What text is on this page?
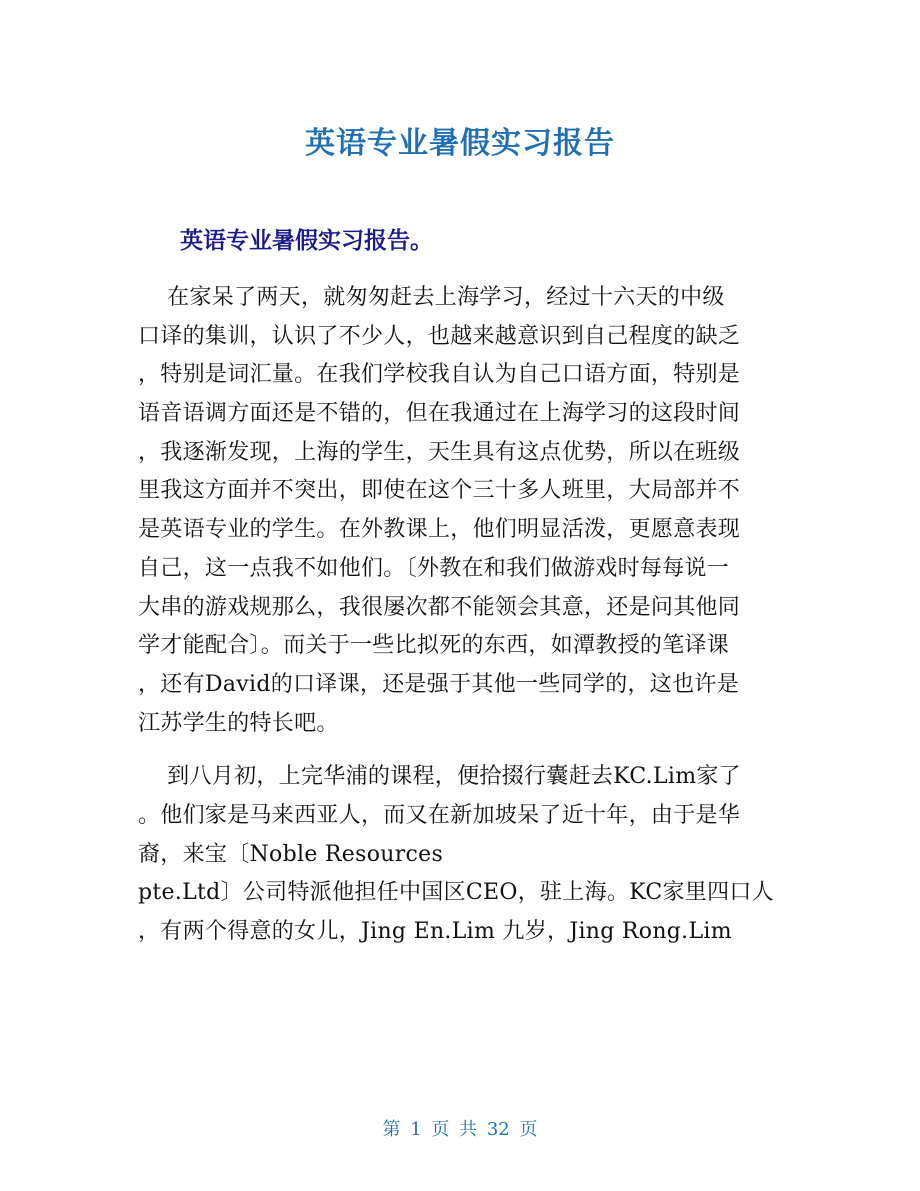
英语专业暑假实习报告
英语专业暑假实习报告。
在家呆了两天，就匆匆赶去上海学习，经过十六天的中级
口译的集训，认识了不少人，也越来越意识到自己程度的缺乏
，特别是词汇量。在我们学校我自认为自己口语方面，特别是
语音语调方面还是不错的，但在我通过在上海学习的这段时间
，我逐渐发现，上海的学生，天生具有这点优势，所以在班级
里我这方面并不突出，即使在这个三十多人班里，大局部并不
是英语专业的学生。在外教课上，他们明显活泼，更愿意表现
自己，这一点我不如他们。〔外教在和我们做游戏时每每说一
大串的游戏规那么，我很屡次都不能领会其意，还是问其他同
学才能配合〕。而关于一些比拟死的东西，如潭教授的笔译课
，还有David的口译课，还是强于其他一些同学的，这也许是
江苏学生的特长吧。
到八月初，上完华浦的课程，便拾掇行囊赶去KC.Lim家了
。他们家是马来西亚人，而又在新加坡呆了近十年，由于是华
裔，来宝〔Noble Resources
pte.Ltd〕公司特派他担任中国区CEO，驻上海。KC家里四口人
，有两个得意的女儿，Jing En.Lim 九岁，Jing Rong.Lim
第 1 页 共 32 页
